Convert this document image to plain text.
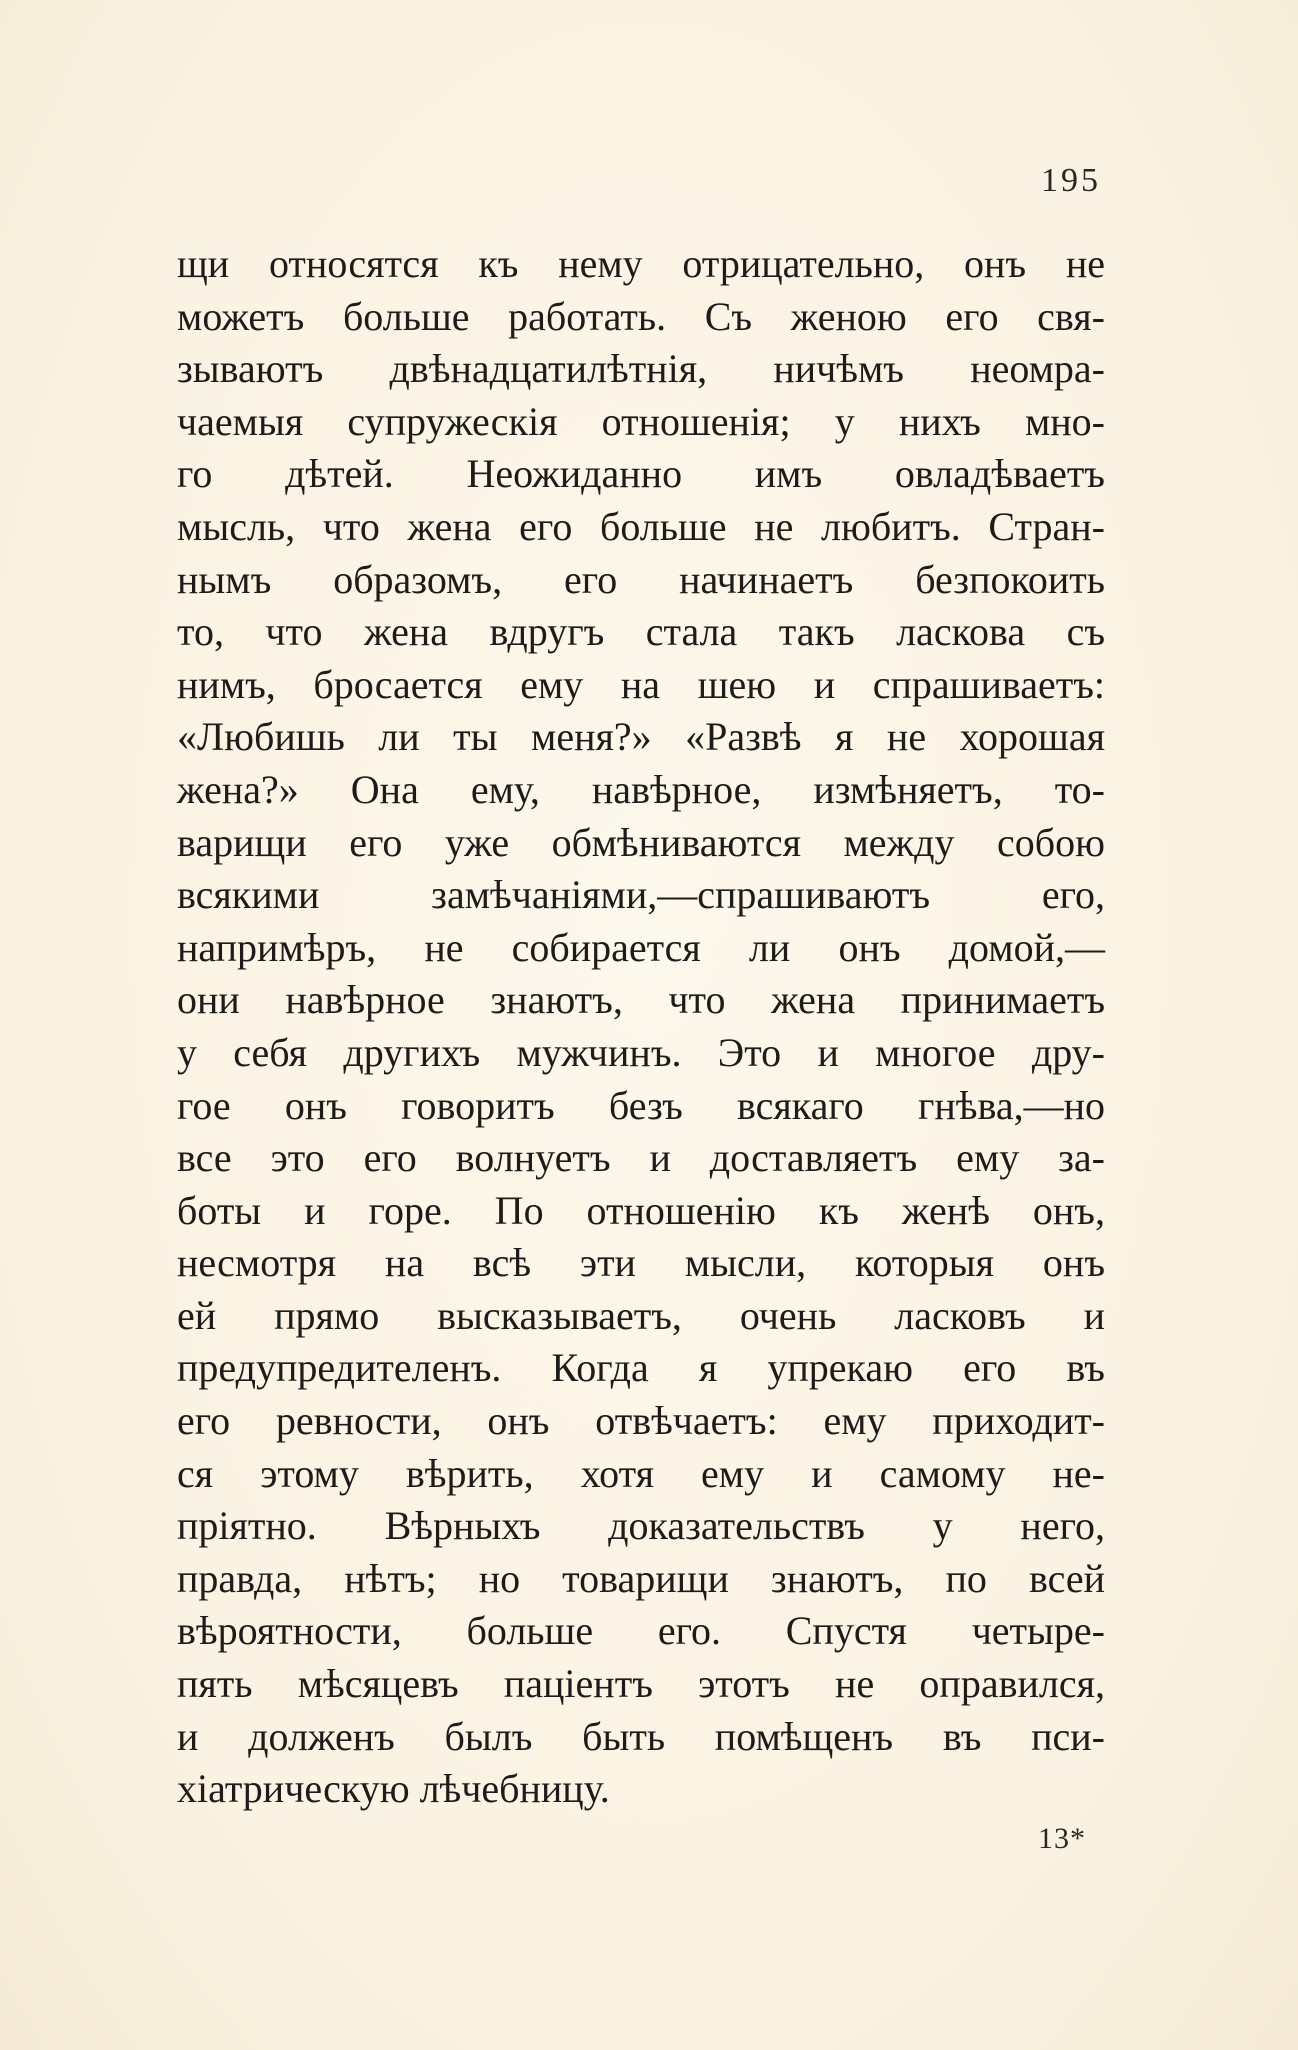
195
щи относятся къ нему отрицательно, онъ не
можетъ больше работать. Съ женою его свя-
зываютъ двѣнадцатилѣтнія, ничѣмъ неомра-
чаемыя супружескія отношенія; у нихъ мно-
го дѣтей. Неожиданно имъ овладѣваетъ
мысль, что жена его больше не любитъ. Стран-
нымъ образомъ, его начинаетъ безпокоить
то, что жена вдругъ стала такъ ласкова съ
нимъ, бросается ему на шею и спрашиваетъ:
«Любишь ли ты меня?» «Развѣ я не хорошая
жена?» Она ему, навѣрное, измѣняетъ, то-
варищи его уже обмѣниваются между собою
всякими замѣчаніями,—спрашиваютъ его,
напримѣръ, не собирается ли онъ домой,—
они навѣрное знаютъ, что жена принимаетъ
у себя другихъ мужчинъ. Это и многое дру-
гое онъ говоритъ безъ всякаго гнѣва,—но
все это его волнуетъ и доставляетъ ему за-
боты и горе. По отношенію къ женѣ онъ,
несмотря на всѣ эти мысли, которыя онъ
ей прямо высказываетъ, очень ласковъ и
предупредителенъ. Когда я упрекаю его въ
его ревности, онъ отвѣчаетъ: ему приходит-
ся этому вѣрить, хотя ему и самому не-
пріятно. Вѣрныхъ доказательствъ у него,
правда, нѣтъ; но товарищи знаютъ, по всей
вѣроятности, больше его. Спустя четыре-
пять мѣсяцевъ паціентъ этотъ не оправился,
и долженъ былъ быть помѣщенъ въ пси-
хіатрическую лѣчебницу.
13*
